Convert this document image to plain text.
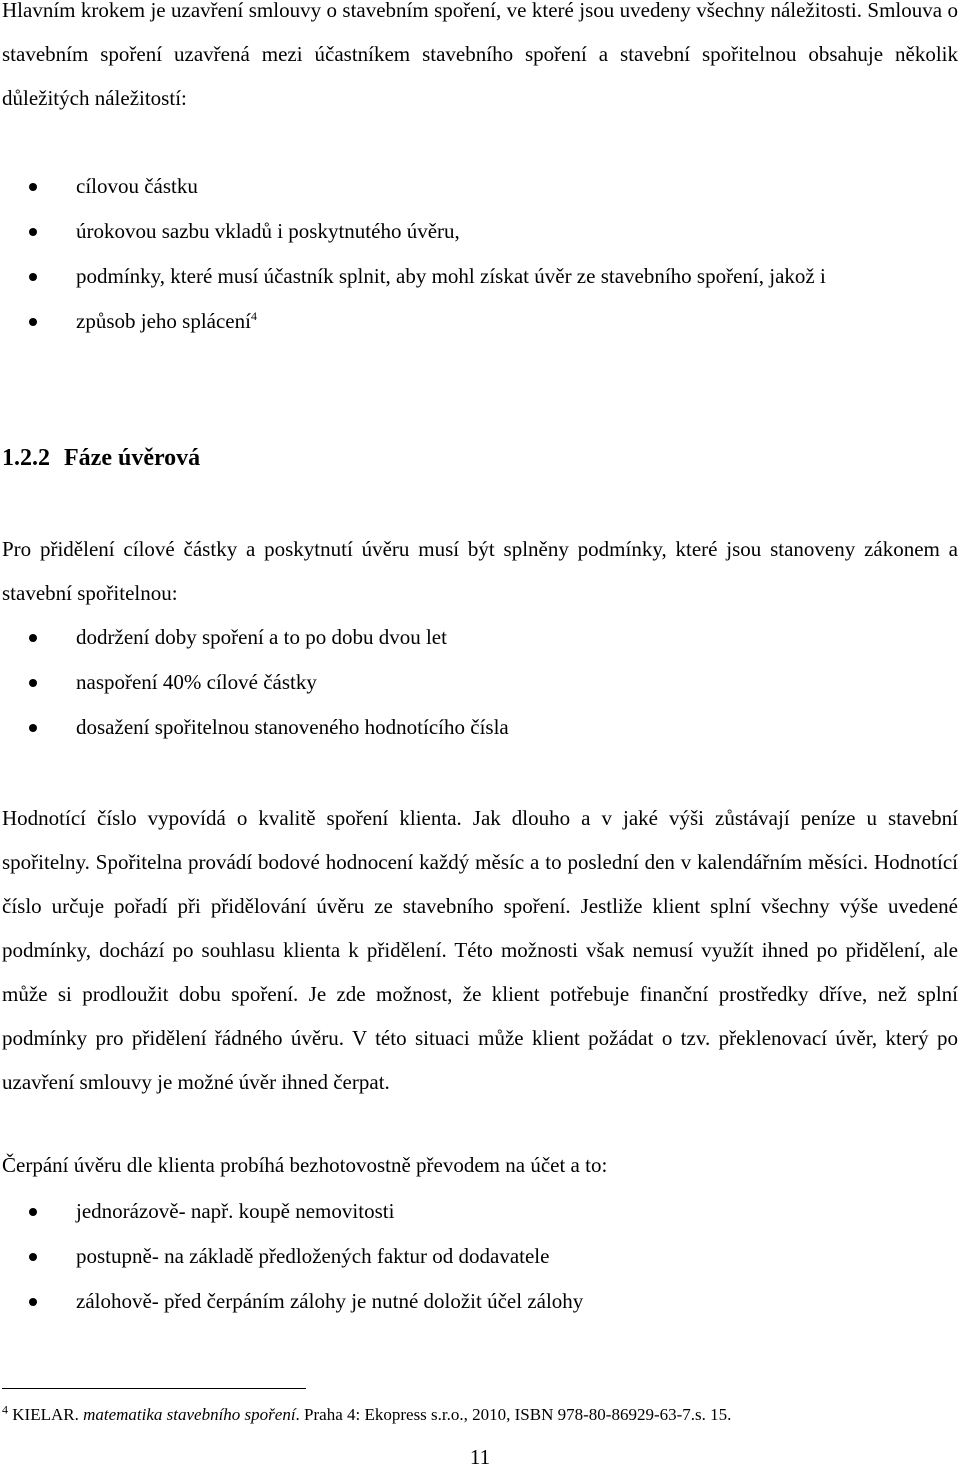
Hlavním krokem je uzavření smlouvy o stavebním spoření, ve které jsou uvedeny všechny náležitosti. Smlouva o stavebním spoření uzavřená mezi účastníkem stavebního spoření a stavební spořitelnou obsahuje několik důležitých náležitostí:

cílovou částku
úrokovou sazbu vkladů i poskytnutého úvěru,
podmínky, které musí účastník splnit, aby mohl získat úvěr ze stavebního spoření, jakož i
způsob jeho splácení$^4$
1.2.2 Fáze úvěrová

Pro přidělení cílové částky a poskytnutí úvěru musí být splněny podmínky, které jsou stanoveny zákonem a stavební spořitelnou:

dodržení doby spoření a to po dobu dvou let
naspoření 40% cílové částky
dosažení spořitelnou stanoveného hodnotícího čísla

Hodnotící číslo vypovídá o kvalitě spoření klienta. Jak dlouho a v jaké výši zůstávají peníze u stavební spořitelny. Spořitelna provádí bodové hodnocení každý měsíc a to poslední den v kalendářním měsíci. Hodnotící číslo určuje pořadí při přidělování úvěru ze stavebního spoření. Jestliže klient splní všechny výše uvedené podmínky, dochází po souhlasu klienta k přidělení. Této možnosti však nemusí využít ihned po přidělení, ale může si prodloužit dobu spoření. Je zde možnost, že klient potřebuje finanční prostředky dříve, než splní podmínky pro přidělení řádného úvěru. V této situaci může klient požádat o tzv. překlenovací úvěr, který po uzavření smlouvy je možné úvěr ihned čerpat.

Čerpání úvěru dle klienta probíhá bezhotovostně převodem na účet a to:

jednorázově- např. koupě nemovitosti
postupně- na základě předložených faktur od dodavatele
zálohově- před čerpáním zálohy je nutné doložit účel zálohy
$^4$ KIELAR. matematika stavebního spoření. Praha 4: Ekopress s.r.o., 2010, ISBN 978-80-86929-63-7.s. 15.
11
